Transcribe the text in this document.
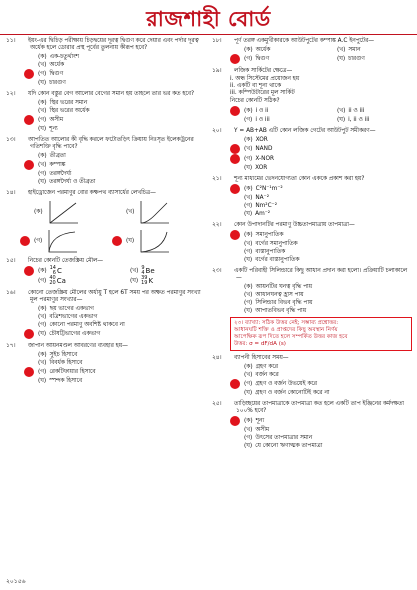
রাজশাহী বোর্ড
১১। ইয়ং-এর দ্বিচিড় পরীক্ষায় চিড়দ্বয়ের দূরত্ব দ্বিগুণ করে দেয়ার এবং পর্দার দূরত্ব অর্ধেক হলে ডোরার প্রস্থ পূর্বের তুলনায় কীরূপ হবে?
(ক) এক-চতুর্থাংশ
(খ) অর্ধেক
(গ) দ্বিগুণ
(ঘ) চারগুণ
১২। যদি কোন বস্তুর বেগ আলোর বেগের সমান হয় তাহলে তার ভর কত হবে?
(ক) স্থির ভরের সমান
(খ) স্থির ভরের অর্ধেক
(গ) অসীম
(ঘ) শূন্য
১৩। আপতিত আলোর কী বৃদ্ধি করলে ফটোতড়িৎ ক্রিয়ায় নিঃসৃত ইলেকট্রনের গতিশক্তি বৃদ্ধি পাবে?
(ক) তীব্রতা
(খ) কম্পাঙ্ক
(গ) তরঙ্গদৈর্ঘ্য
(ঘ) তরঙ্গদৈর্ঘ্য ও তীব্রতা
১৪। হাইড্রোজেন পরমাণুর বোর কক্ষপথ ব্যাসার্ধের লেখচিত্র—
(ক)	(খ)
(গ)	(ঘ)
১৫। নিচের কোনটি তেজস্ক্রিয় মৌল—
(ক) 14
6 C	(খ) 9
4 Be
(গ) 40
20 Ca	(ঘ) 39
19 K
১৬। কোনো তেজস্ক্রিয় মৌলের অর্ধায়ু T হলে 6T সময় পর অক্ষত পরমাণুর সংখ্যা মূল পরমাণুর সংখ্যার—
(ক) ছয় ভাগের একভাগ
(খ) বত্রিশভাগের একভাগ
(গ) কোনো পরমাণু অবশিষ্ট থাকবে না
(ঘ) চৌষট্টিভাগের একভাগ
১৭। জাপান আয়নমণ্ডল আবরণের ব্যবহার হয়—
(ক) সুইচ হিসাবে
(খ) বিবর্ধক হিসাবে
(গ) রেকটিফায়ার হিসাবে
(ঘ) স্পন্দক হিসাবে
১৮। পূর্ণ তরঙ্গ একমুখীকারকে আউটপুটের কম্পাঙ্ক A.C ইনপুটের—
(ক) অর্ধেক	(খ) সমান
(গ) দ্বিগুণ	(ঘ) চারগুণ
১৯। লজিক সার্কিটের ক্ষেত্রে—
i. অন্ধ সিস্টেমের প্রয়োজন হয়
ii. একটি বা শূন্য থাকে
iii. কম্পিউটারের মূল সার্কিট
নিচের কোনটি সঠিক?
(ক) i ও ii	(খ) ii ও iii
(গ) i ও iii	(ঘ) i, ii ও iii
২০। Y = AB+AB এটি কোন লজিক গেটের আউটপুট সমীকরণ—
(ক) XOR
(খ) NAND
(গ) X-NOR
(ঘ) XOR
২১। শূন্য মাধ্যমের ভেদনযোগ্যতা কোন এককে প্রকাশ করা হয়?
(ক) C²N⁻¹m⁻²
(খ) NA⁻²
(গ) Nm²C⁻²
(ঘ) Am⁻²
২২। কোন উপাদানটির পরমাণু উচ্চতাপমাত্রায় তাপমাত্রা—
(ক) সমানুপাতিক
(খ) বর্গের সমানুপাতিক
(গ) ব্যস্তানুপাতিক
(ঘ) বর্গের ব্যস্তানুপাতিক
২৩। একটি পরিবাহী সিলিন্ডারে কিছু আধান প্রদান করা হলো। প্রক্রিয়াটি চলাকালে—
(ক) আয়নটির ঘনত্ব বৃদ্ধি পায়
(খ) আধানঘনত্ব হ্রাস পায়
(গ) সিলিন্ডার বিভব বৃদ্ধি পায়
(ঘ) আপাতবিভব বৃদ্ধি পায়
২৩। ব্যাখ্যা: সঠিক উত্তর নেই; সম্ভাব্য প্রশ্নোত্তর:
আধানঘটি শক্তি ও প্রাপ্তদের কিছু অবস্থান নির্ণয়
আপেক্ষিক রূপ দিতে হলে সম্পর্কিত উত্তর কাজ হবে
উত্তর: σ = dF/dA (s)
২৪। ব্যাপনী হিসাবের সময়—
(ক) গ্রহণ করে
(খ) বর্জন করে
(গ) গ্রহণ ও বর্জন উভয়েই করে
(ঘ) গ্রহণ ও বর্জন কোনোটিই করে না
২৫। তাড়িচ্ছয়ের তাপমাত্রাকে তাপমাত্রা কত হলে একটি তাপ ইঞ্জিনের কর্মদক্ষতা ১০০% হবে?
(ক) শূন্য
(খ) অসীম
(গ) উৎসের তাপমাত্রার সমান
(ঘ) যে কোনো ঋণাত্মক তাপমাত্রা
২০১৫৬
